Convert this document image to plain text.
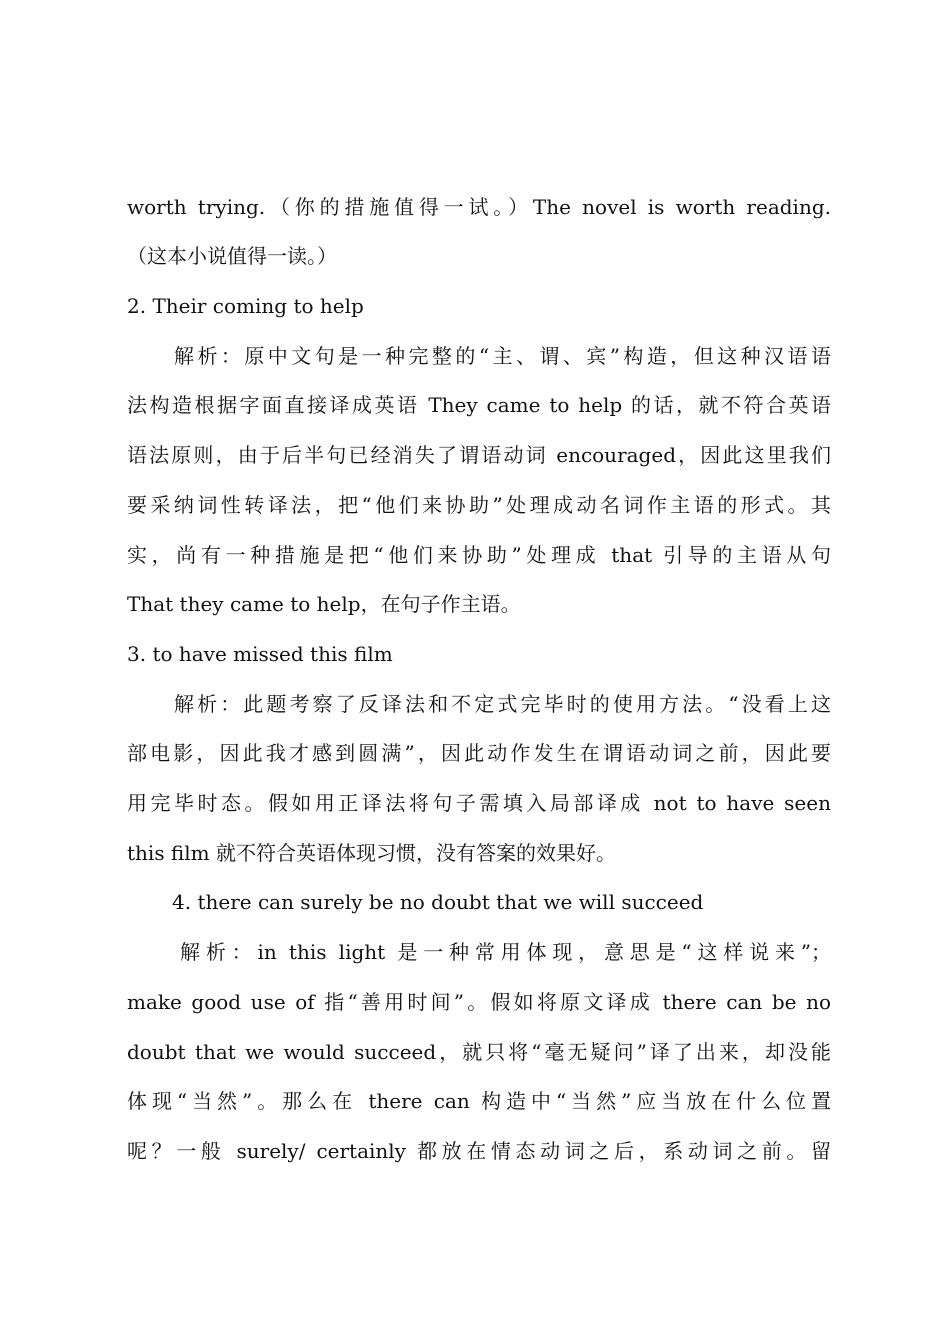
worth trying.（你的措施值得一试。）The novel is worth reading.
（这本小说值得一读。）
2. Their coming to help
解析：原中文句是一种完整的“主、谓、宾”构造，但这种汉语语
法构造根据字面直接译成英语 They came to help 的话，就不符合英语
语法原则，由于后半句已经消失了谓语动词 encouraged，因此这里我们
要采纳词性转译法，把“他们来协助”处理成动名词作主语的形式。其
实，尚有一种措施是把“他们来协助”处理成 that 引导的主语从句
That they came to help，在句子作主语。
3. to have missed this film
解析：此题考察了反译法和不定式完毕时的使用方法。“没看上这
部电影，因此我才感到圆满”，因此动作发生在谓语动词之前，因此要
用完毕时态。假如用正译法将句子需填入局部译成 not to have seen
this film 就不符合英语体现习惯，没有答案的效果好。
4. there can surely be no doubt that we will succeed
解析：in this light 是一种常用体现，意思是“这样说来”；
make good use of 指“善用时间”。假如将原文译成 there can be no
doubt that we would succeed，就只将“毫无疑问”译了出来，却没能
体现“当然”。那么在 there can 构造中“当然”应当放在什么位置
呢？一般 surely/ certainly 都放在情态动词之后，系动词之前。留
